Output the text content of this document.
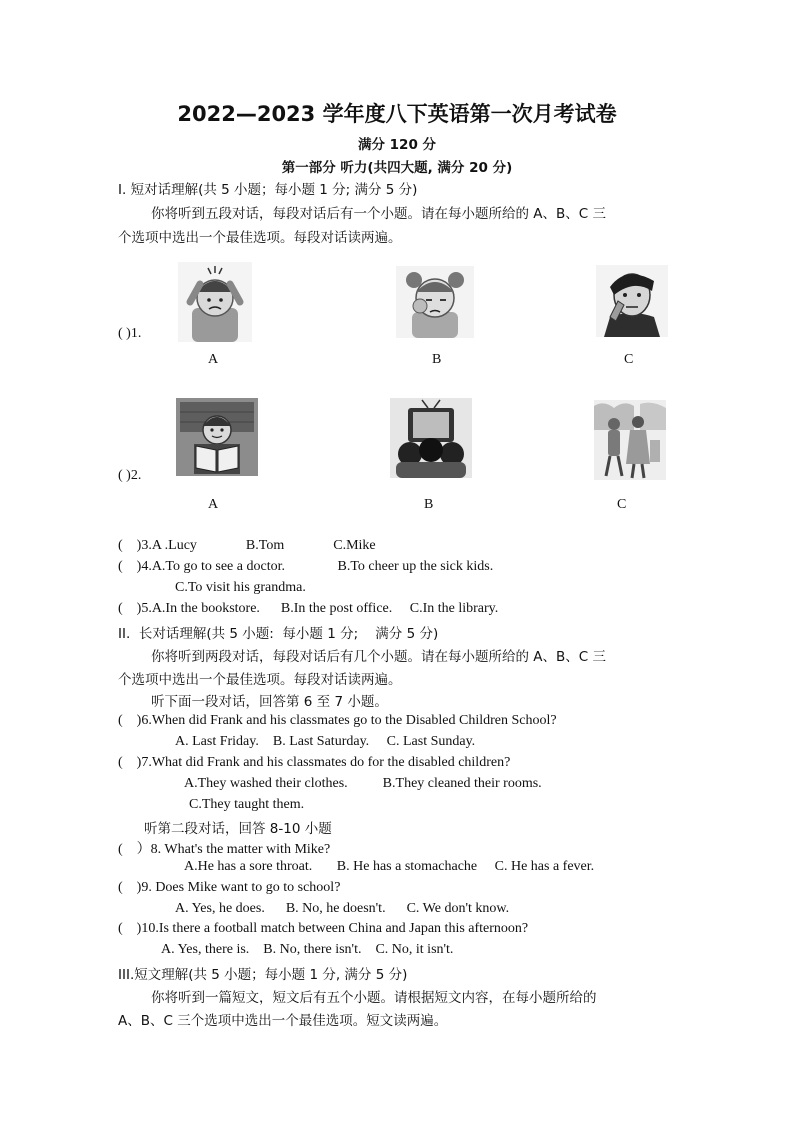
2022—2023 学年度八下英语第一次月考试卷
满分 120 分
第一部分 听力(共四大题, 满分 20 分)
I. 短对话理解(共 5 小题；每小题 1 分; 满分 5 分)
你将听到五段对话，每段对话后有一个小题。请在每小题所给的 A、B、C 三
个选项中选出一个最佳选项。每段对话读两遍。
( )1.
A	B	C
( )2.
A	B	C
(    )3.A .Lucy              B.Tom              C.Mike
(    )4.A.To go to see a doctor.               B.To cheer up the sick kids.
C.To visit his grandma.
(    )5.A.In the bookstore.      B.In the post office.     C.In the library.
II.  长对话理解(共 5 小题:  每小题 1 分;    满分 5 分)
你将听到两段对话，每段对话后有几个小题。请在每小题所给的 A、B、C 三
个选项中选出一个最佳选项。每段对话读两遍。
听下面一段对话，回答第 6 至 7 小题。
(    )6.When did Frank and his classmates go to the Disabled Children School?
A. Last Friday.    B. Last Saturday.     C. Last Sunday.
(    )7.What did Frank and his classmates do for the disabled children?
A.They washed their clothes.          B.They cleaned their rooms.
C.They taught them.
听第二段对话，回答 8-10 小题
(    ）8. What's the matter with Mike?
A.He has a sore throat.       B. He has a stomachache     C. He has a fever.
(    )9. Does Mike want to go to school?
A. Yes, he does.      B. No, he doesn't.      C. We don't know.
(    )10.Is there a football match between China and Japan this afternoon?
A. Yes, there is.    B. No, there isn't.    C. No, it isn't.
III.短文理解(共 5 小题；每小题 1 分, 满分 5 分)
你将听到一篇短文，短文后有五个小题。请根据短文内容，在每小题所给的
A、B、C 三个选项中选出一个最佳选项。短文读两遍。
